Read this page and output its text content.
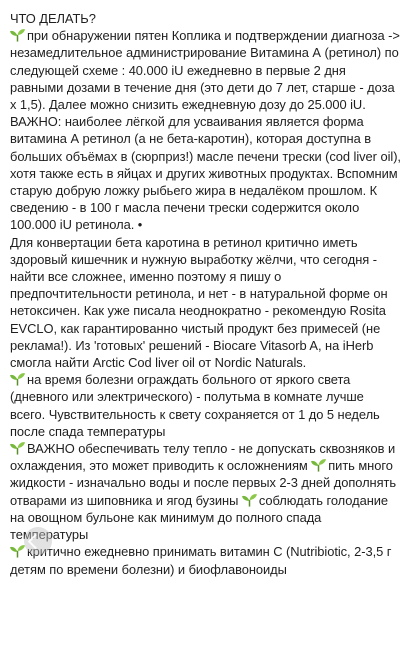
ЧТО ДЕЛАТЬ?

при обнаружении пятен Коплика и подтверждении диагноза -> незамедлительное администрирование Витамина А (ретинол) по следующей схеме : 40.000 iU ежедневно в первые 2 дня равными дозами в течение дня (это дети до 7 лет, старше - доза х 1,5). Далее можно снизить ежедневную дозу до 25.000 iU. ВАЖНО: наиболее лёгкой для усваивания является форма витамина А ретинол (а не бета-каротин), которая доступна в больших объёмах в (сюрприз!) масле печени трески (cod liver oil), хотя также есть в яйцах и других животных продуктах. Вспомним старую добрую ложку рыбьего жира в недалёком прошлом. К сведению - в 100 г масла печени трески содержится около 100.000 iU ретинола. •

Для конвертации бета каротина в ретинол критично иметь здоровый кишечник и нужную выработку жёлчи, что сегодня - найти все сложнее, именно поэтому я пишу о предпочтительности ретинола, и нет - в натуральной форме он нетоксичен. Как уже писала неоднократно - рекомендую Rosita EVCLO, как гарантированно чистый продукт без примесей (не реклама!). Из 'готовых' решений - Biocare Vitasorb A, на iHerb смогла найти Arctic Cod liver oil от Nordic Naturals.

на время болезни ограждать больного от яркого света (дневного или электрического) - полутьма в комнате лучше всего. Чувствительность к свету сохраняется от 1 до 5 недель после спада температуры

ВАЖНО обеспечивать телу тепло - не допускать сквозняков и охлаждения, это может приводить к осложнениям пить много жидкости - изначально воды и после первых 2-3 дней дополнять отварами из шиповника и ягод бузины соблюдать голодание на овощном бульоне как минимум до полного спада температуры

критично ежедневно принимать витамин С (Nutribiotic, 2-3,5 г детям по времени болезни) и биофлавоноиды
